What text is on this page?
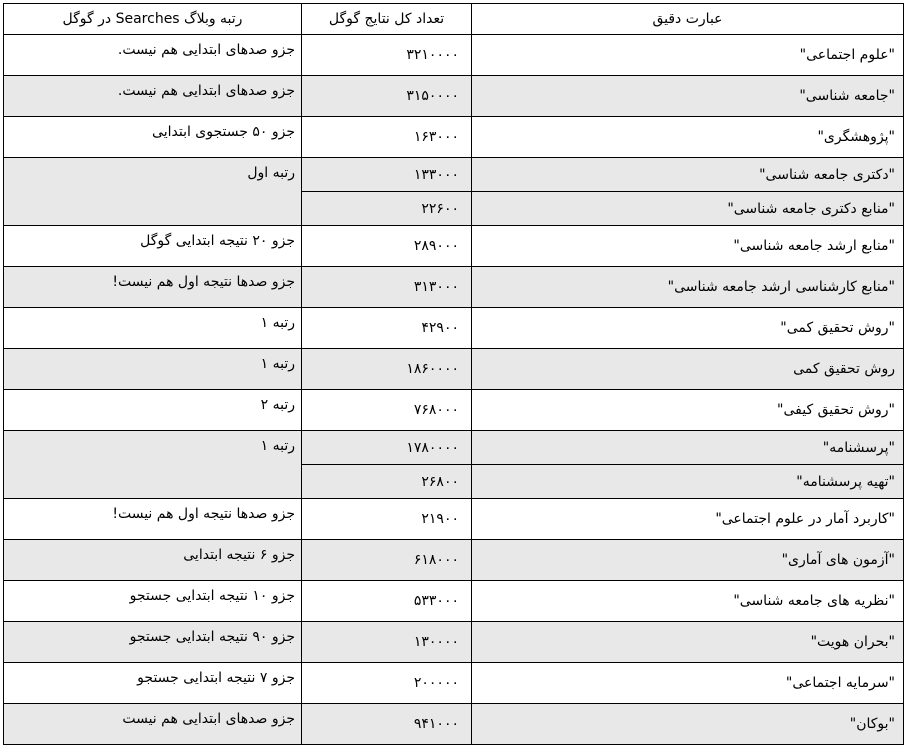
عبارت دقیق	تعداد کل نتایج گوگل	رتبه وبلاگ Searches در گوگل
"علوم اجتماعی"	۳۲۱۰۰۰۰	جزو صدهای ابتدایی هم نیست.
"جامعه شناسی"	۳۱۵۰۰۰۰	جزو صدهای ابتدایی هم نیست.
"پژوهشگری"	۱۶۳۰۰۰	جزو ۵۰ جستجوی ابتدایی
"دکتری جامعه شناسی"	۱۳۳۰۰۰	رتبه اول
"منابع دکتری جامعه شناسی"	۲۲۶۰۰	
"منابع ارشد جامعه شناسی"	۲۸۹۰۰۰	جزو ۲۰ نتیجه ابتدایی گوگل
"منابع کارشناسی ارشد جامعه شناسی"	۳۱۳۰۰۰	جزو صدها نتیجه اول هم نیست!
"روش تحقیق کمی"	۴۲۹۰۰	رتبه ۱
روش تحقیق کمی	۱۸۶۰۰۰۰	رتبه ۱
"روش تحقیق کیفی"	۷۶۸۰۰۰	رتبه ۲
"پرسشنامه"	۱۷۸۰۰۰۰	رتبه ۱
"تهیه پرسشنامه"	۲۶۸۰۰	
"کاربرد آمار در علوم اجتماعی"	۲۱۹۰۰	جزو صدها نتیجه اول هم نیست!
"آزمون های آماری"	۶۱۸۰۰۰	جزو ۶ نتیجه ابتدایی
"نظریه های جامعه شناسی"	۵۳۳۰۰۰	جزو ۱۰ نتیجه ابتدایی جستجو
"بحران هویت"	۱۳۰۰۰۰	جزو ۹۰ نتیجه ابتدایی جستجو
"سرمایه اجتماعی"	۲۰۰۰۰۰	جزو ۷ نتیجه ابتدایی جستجو
"بوکان"	۹۴۱۰۰۰	جزو صدهای ابتدایی هم نیست
